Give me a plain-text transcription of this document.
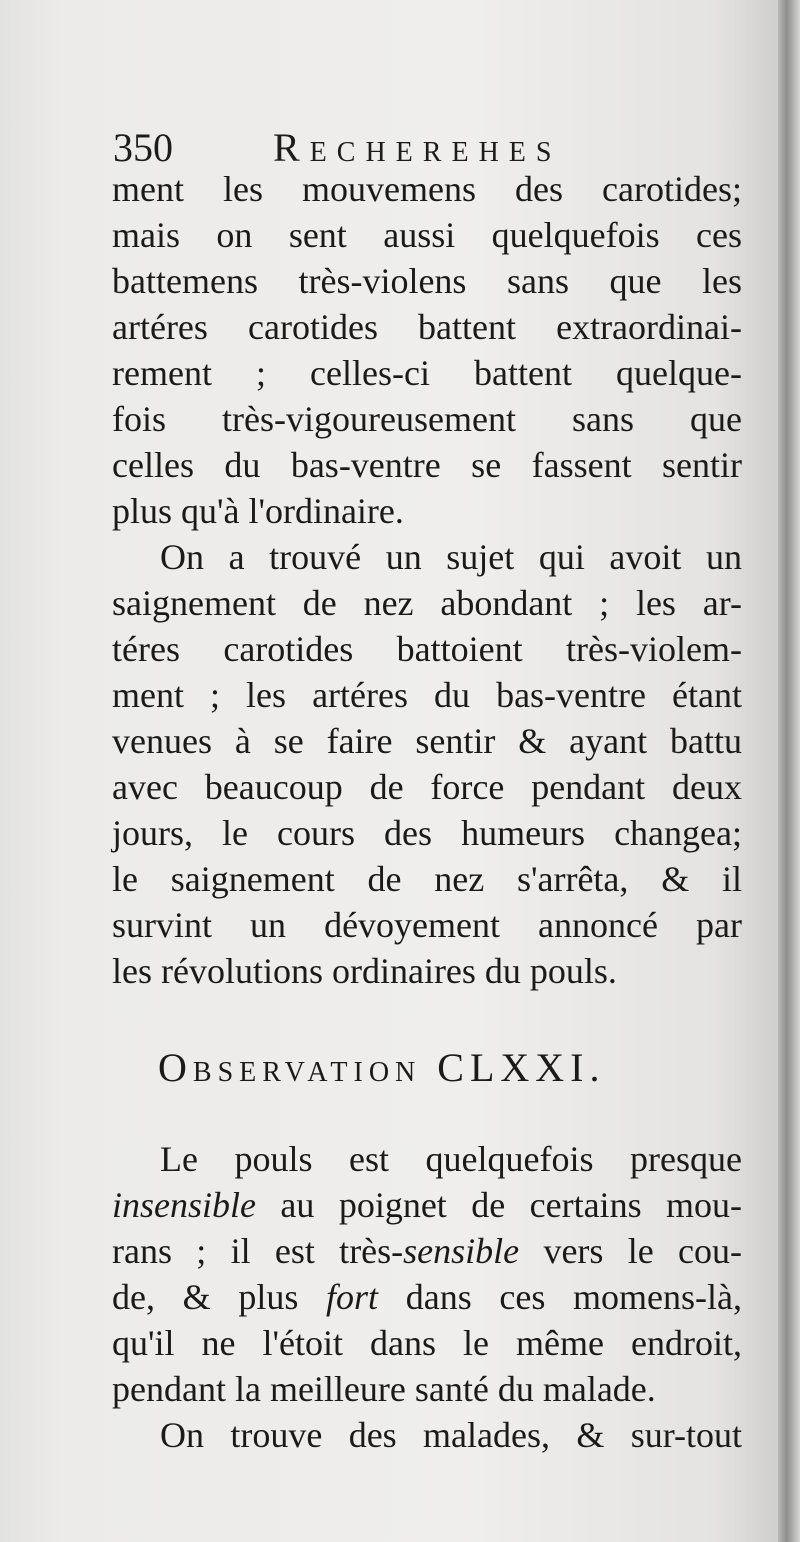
350	Recherehes
ment les mouvemens des carotides;
mais on sent aussi quelquefois ces
battemens très-violens sans que les
artéres carotides battent extraordinai-
rement ; celles-ci battent quelque-
fois très-vigoureusement sans que
celles du bas-ventre se fassent sentir
plus qu'à l'ordinaire.
On a trouvé un sujet qui avoit un
saignement de nez abondant ; les ar-
téres carotides battoient très-violem-
ment ; les artéres du bas-ventre étant
venues à se faire sentir & ayant battu
avec beaucoup de force pendant deux
jours, le cours des humeurs changea;
le saignement de nez s'arrêta, & il
survint un dévoyement annoncé par
les révolutions ordinaires du pouls.
Observation CLXXI.
Le pouls est quelquefois presque
insensible au poignet de certains mou-
rans ; il est très-sensible vers le cou-
de, & plus fort dans ces momens-là,
qu'il ne l'étoit dans le même endroit,
pendant la meilleure santé du malade.
On trouve des malades, & sur-tout
